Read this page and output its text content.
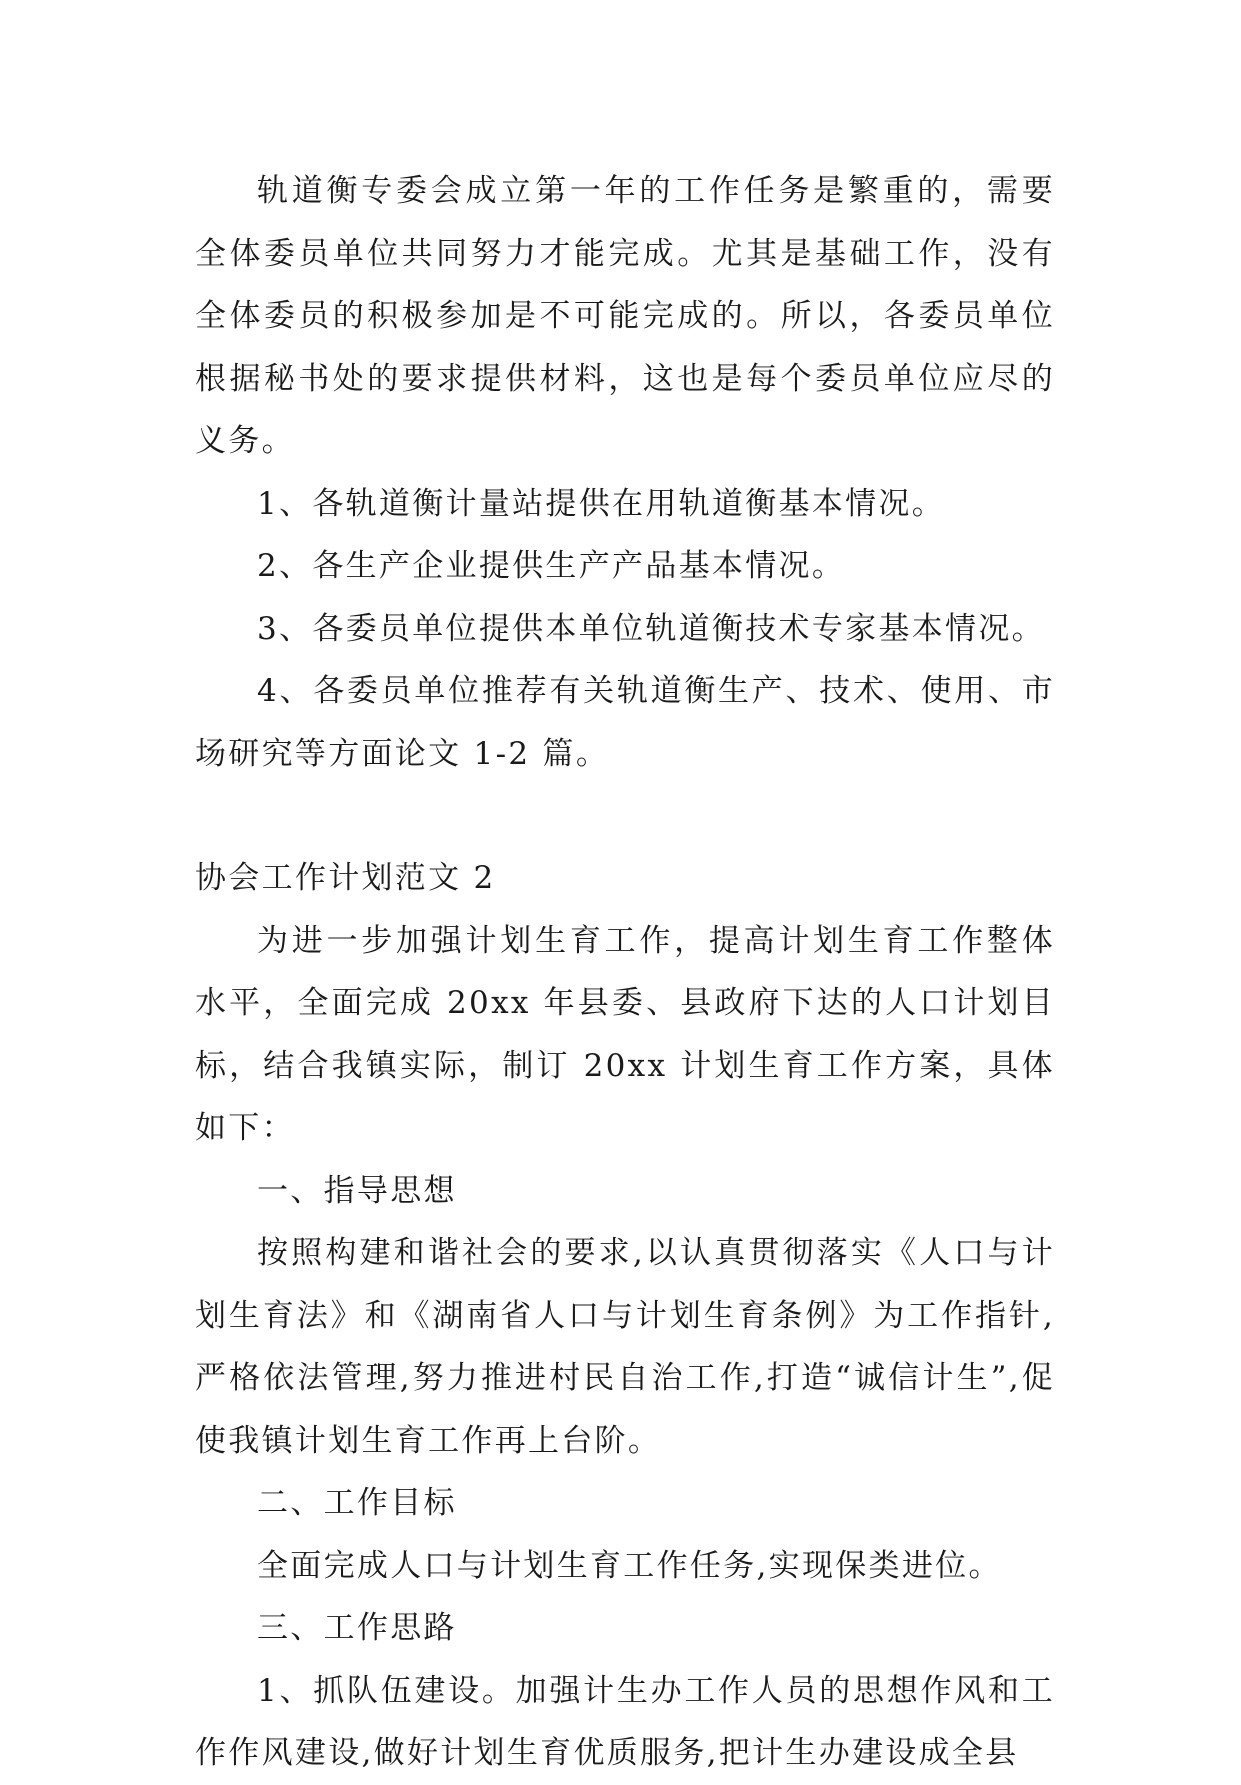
轨道衡专委会成立第一年的工作任务是繁重的，需要全体委员单位共同努力才能完成。尤其是基础工作，没有全体委员的积极参加是不可能完成的。所以，各委员单位根据秘书处的要求提供材料，这也是每个委员单位应尽的义务。

1、各轨道衡计量站提供在用轨道衡基本情况。

2、各生产企业提供生产产品基本情况。

3、各委员单位提供本单位轨道衡技术专家基本情况。

4、各委员单位推荐有关轨道衡生产、技术、使用、市场研究等方面论文 1-2 篇。

协会工作计划范文 2

为进一步加强计划生育工作，提高计划生育工作整体水平，全面完成 20xx 年县委、县政府下达的人口计划目标，结合我镇实际，制订 20xx 计划生育工作方案，具体如下：

一、指导思想

按照构建和谐社会的要求,以认真贯彻落实《人口与计划生育法》和《湖南省人口与计划生育条例》为工作指针,严格依法管理,努力推进村民自治工作,打造“诚信计生”,促使我镇计划生育工作再上台阶。

二、工作目标

全面完成人口与计划生育工作任务,实现保类进位。

三、工作思路

1、抓队伍建设。加强计生办工作人员的思想作风和工作作风建设,做好计划生育优质服务,把计生办建设成全县
